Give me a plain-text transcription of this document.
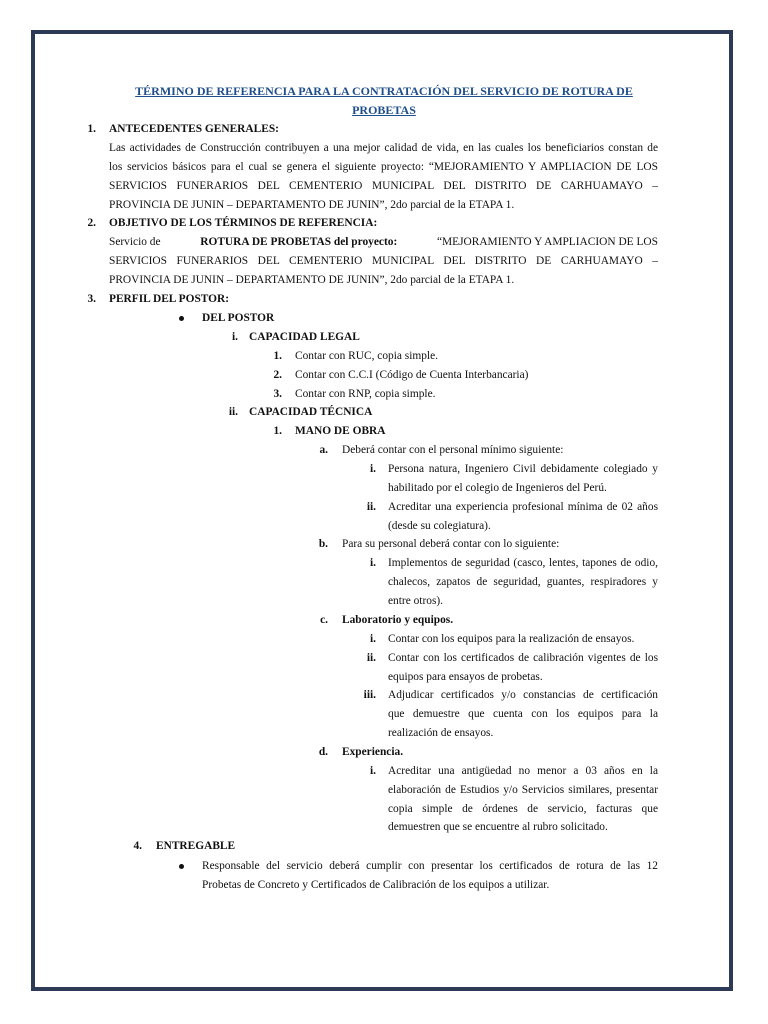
TÉRMINO DE REFERENCIA PARA LA CONTRATACIÓN DEL SERVICIO DE ROTURA DE
PROBETAS
1. ANTECEDENTES GENERALES:
Las actividades de Construcción contribuyen a una mejor calidad de vida, en las cuales los beneficiarios constan de
los servicios básicos para el cual se genera el siguiente proyecto: “MEJORAMIENTO Y AMPLIACION DE LOS
SERVICIOS FUNERARIOS DEL CEMENTERIO MUNICIPAL DEL DISTRITO DE CARHUAMAYO –
PROVINCIA DE JUNIN – DEPARTAMENTO DE JUNIN”, 2do parcial de la ETAPA 1.
2. OBJETIVO DE LOS TÉRMINOS DE REFERENCIA:
Servicio de	ROTURA DE PROBETAS del proyecto:	“MEJORAMIENTO Y AMPLIACION DE LOS
SERVICIOS FUNERARIOS DEL CEMENTERIO MUNICIPAL DEL DISTRITO DE CARHUAMAYO –
PROVINCIA DE JUNIN – DEPARTAMENTO DE JUNIN”, 2do parcial de la ETAPA 1.
3. PERFIL DEL POSTOR:
DEL POSTOR
i. CAPACIDAD LEGAL
1. Contar con RUC, copia simple.
2. Contar con C.C.I (Código de Cuenta Interbancaria)
3. Contar con RNP, copia simple.
ii. CAPACIDAD TÉCNICA
1. MANO DE OBRA
a. Deberá contar con el personal mínimo siguiente:
i. Persona natura, Ingeniero Civil debidamente colegiado y
habilitado por el colegio de Ingenieros del Perú.
ii. Acreditar una experiencia profesional mínima de 02 años
(desde su colegiatura).
b. Para su personal deberá contar con lo siguiente:
i. Implementos de seguridad (casco, lentes, tapones de odio,
chalecos, zapatos de seguridad, guantes, respiradores y
entre otros).
c. Laboratorio y equipos.
i. Contar con los equipos para la realización de ensayos.
ii. Contar con los certificados de calibración vigentes de los
equipos para ensayos de probetas.
iii. Adjudicar certificados y/o constancias de certificación
que demuestre que cuenta con los equipos para la
realización de ensayos.
d. Experiencia.
i. Acreditar una antigüedad no menor a 03 años en la
elaboración de Estudios y/o Servicios similares, presentar
copia simple de órdenes de servicio, facturas que
demuestren que se encuentre al rubro solicitado.
4. ENTREGABLE
Responsable del servicio deberá cumplir con presentar los certificados de rotura de las 12
Probetas de Concreto y Certificados de Calibración de los equipos a utilizar.
